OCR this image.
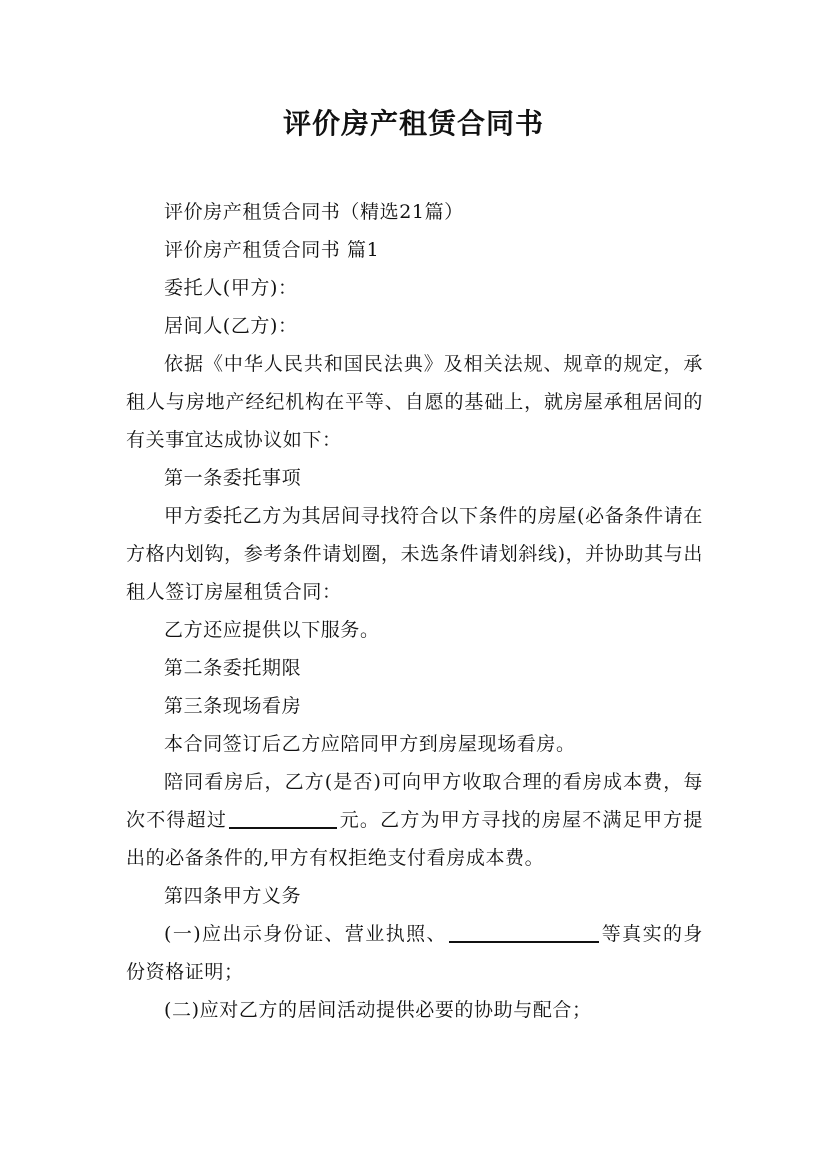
评价房产租赁合同书

评价房产租赁合同书（精选21篇）

评价房产租赁合同书 篇1

委托人(甲方)：

居间人(乙方)：

依据《中华人民共和国民法典》及相关法规、规章的规定，承租人与房地产经纪机构在平等、自愿的基础上，就房屋承租居间的有关事宜达成协议如下：

第一条委托事项

甲方委托乙方为其居间寻找符合以下条件的房屋(必备条件请在方格内划钩，参考条件请划圈，未选条件请划斜线)，并协助其与出租人签订房屋租赁合同：

乙方还应提供以下服务。

第二条委托期限

第三条现场看房

本合同签订后乙方应陪同甲方到房屋现场看房。

陪同看房后，乙方(是否)可向甲方收取合理的看房成本费，每次不得超过	元。乙方为甲方寻找的房屋不满足甲方提出的必备条件的,甲方有权拒绝支付看房成本费。

第四条甲方义务

(一)应出示身份证、营业执照、	等真实的身份资格证明；

(二)应对乙方的居间活动提供必要的协助与配合；
